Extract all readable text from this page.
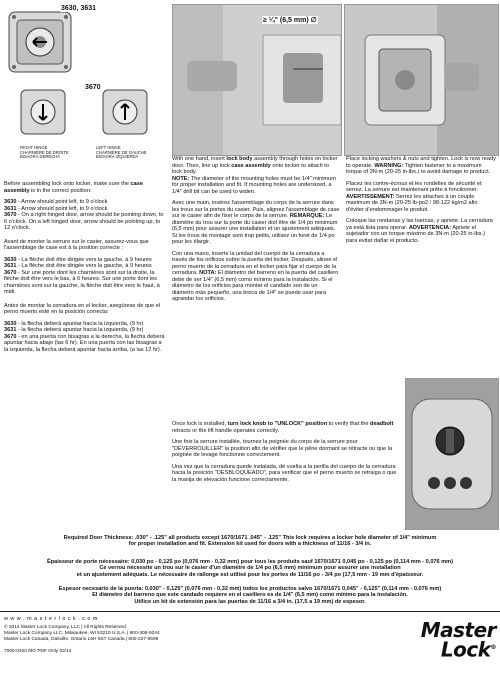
3630, 3631
≥ ¼" (6,5 mm) ∅
3670
RIGHT HINGE
CHARNIÈRE DE DROITE
BISAGRA DERECHA
LEFT HINGE
CHARNIÈRE DE GAUCHE
BISAGRA IZQUIERDA

Before assembling lock onto locker, make sure the case assembly is in the correct position:

3630 - Arrow should point left, to 9 o'clock
3631 - Arrow should point left, to 9 o'clock
3670 - On a right hinged door, arrow should be pointing down, to 6 o'clock. On a left hinged door, arrow should be pointing up, to 12 o'clock.

Avant de monter la serrure sur le casier, assurez-vous que l'assemblage de case est à la position correcte :

3630 - La flèche doit être dirigée vers la gauche, à 9 heures
3631 - La flèche doit être dirigée vers la gauche, à 9 heures
3670 - Sur une porte dont les charnières sont sur la droite, la flèche doit être vers le bas, à 6 heures. Sur une porte dont les charnières sont sur la gauche, la flèche doit être vers le haut, à midi.

Antes de montar la cerradura en el locker, asegúrese de que el perno muerto esté en la posición correcta:

3630 - la flecha deberá apuntar hacia la izquierda, (9 hr)
3631 - la flecha deberá apuntar hacia la izquierda, (9 hr)
3670 - en una puerta con bisagras a la derecha, la flecha deberá apuntar hacia abajo (las 6 hr). En una puerta con las bisagras a la izquierda, la flecha deberá apuntar hacia arriba, (a las 12 hr).

With one hand, insert lock body assembly through holes on locker door. Then, line up lock case assembly onto locker to attach to lock body.
NOTE: The diameter of the mounting holes must be 1/4" minimum for proper installation and fit. If mounting holes are undersized, a 1/4" drill bit can be used to widen.

Avec une main, insérez l'assemblage du corps de la serrure dans les trous sur la portes du casier. Puis, alignez l'assemblage de case sur le casier afin de fixer le corps de la serrure. REMARQUE: Le diamètre du trou sur la porte du casier doit être de 1/4 po minimum (6,5 mm) pour assurer une installation et un ajustement adéquats. Si les trous de montage sont trop petits, utilisez un foret de 1/4 po pour les élargir.

Con una mano, inserte la unidad del cuerpo de la cerradura a través de los orificios sobre la puerta del locker. Después, alinee el perno muerto de la cerradura en el locker para fijar el cuerpo de la cerradura. NOTA: El diámetro del barreno en la puerta del casillero debe de ser 1/4" (6,5 mm) como mínimo para la instalación. Si el diámetro de los orificios para montar el candado son de un diámetro más pequeño, una broca de 1/4" se puede usar para agrandar los orificios.

Place locking washers & nuts and tighten. Lock is now ready to operate. WARNING: Tighten fastener to a maximum torque of 3N-m (20-25 in-lbs.) to avoid damage to product.

Placez les contre-écrous et les rondelles de sécurité et serrez. La serrure est maintenant prête à fonctionner. AVERTISSEMENT: Serrez les attaches à un couple maximum de 3N-m (20-25 lb-po2 / 98-122 kg/m2 afin d'éviter d'endommager le produit.

Coloque las rondanas y las tuercas, y apriete. La cerradura ya está lista para operar. ADVERTENCIA: Apriete el sujetador con un torque máximo de 3N-m (20-25 in-lbs.) para evitar dañar el producto.

Once lock is installed, turn lock knob to "UNLOCK" position to verify that the deadbolt retracts or the lift handle operates correctly.

Une fois la serrure installée, tournez la poignée du corps de la serrure pour "DÉVERROUILLER" la position afin de vérifier que le pêne dormant se rétracte ou que la poignée de levage fonctionne correctement.

Una vez que la cerradura quede instalada, dé vuelta a la perilla del cuerpo de la cerradura hacia la posición "DESBLOQUEADO", para verificar que el perno muerto se retraiga o que la manija de elevación funcione correctamente.

Required Door Thickness: .030" - .125" all products except 1670/1671 .045" - .125" This lock requires a locker hole diameter of 1/4" minimum
for proper installation and fit. Extension kit used for doors with a thickness of 11/16 - 3/4 in.
Épaisseur de porte nécessaire: 0,030 po - 0,125 po (0,076 mm - 0,32 mm) pour tous les produits sauf 1670/1671 0,045 po - 0,125 po (0,114 mm - 0,076 mm)
Ce verrou nécessite un trou sur le casier d'un diamètre de 1/4 po (6,5 mm) minimum pour assurer une installation
et un ajustement adéquats. Le nécessaire de rallonge est utilisé pour les portes de 11/16 po - 3/4 po (17,5 mm - 19 mm d'épaisseur.
Espesor necesario de la puerta: 0,030" - 0,125" (0,076 mm - 0,32 mm) todos los productos salvo 1670/1671 0,045" - 0,125" (0,114 mm - 0,076 mm)
El diámetro del barreno que este candado requiere en el casillero es de 1/4" (6,5 mm) como mínimo para la instalación.
Utilice un kit de extensión para las puertas de 11/16 a 3/4 in. (17,5 a 19 mm) de espesor.
w w w . m a s t e r l o c k . c o m
© 2014 Master Lock Company, LLC | All Rights Reserved
Master Lock Company LLC, Milwaukee, WI 53210 U.S.A. | 800-308-9244
Master Lock Canada, Oakville, Ontario L6H 5S7 Canada | 800-227-9599
7000-0320 MO PDF Only 02/14
Master
Lock®
